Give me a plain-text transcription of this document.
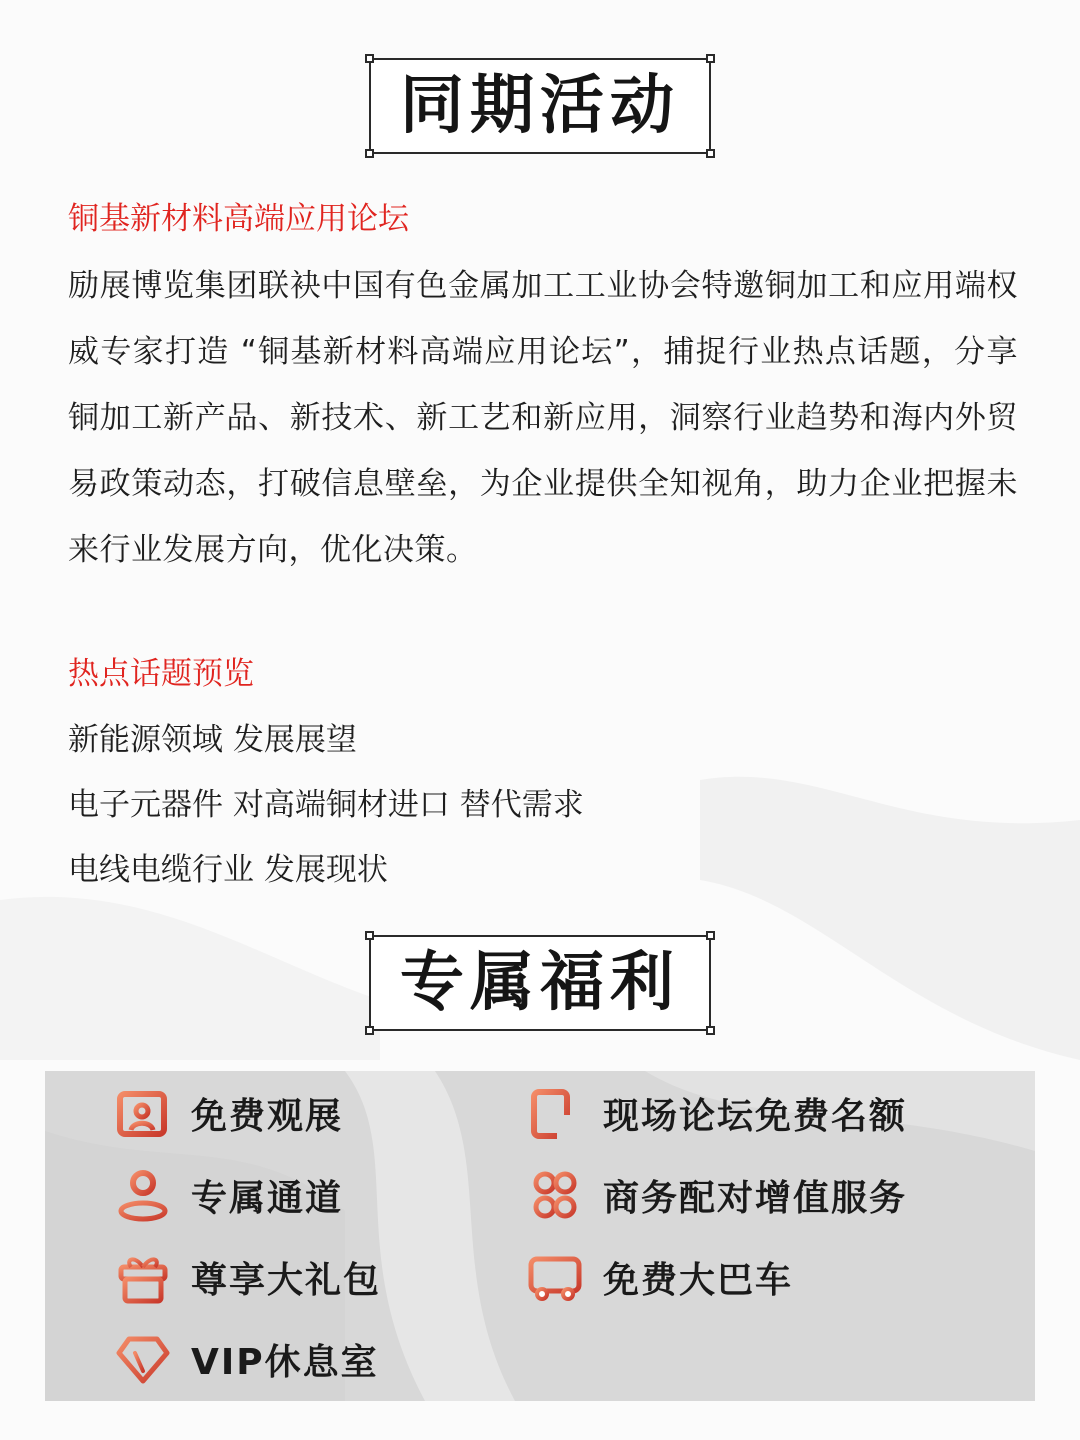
同期活动
铜基新材料高端应用论坛
励展博览集团联袂中国有色金属加工工业协会特邀铜加工和应用端权威专家打造 “铜基新材料高端应用论坛”，捕捉行业热点话题，分享铜加工新产品、新技术、新工艺和新应用，洞察行业趋势和海内外贸易政策动态，打破信息壁垒，为企业提供全知视角，助力企业把握未来行业发展方向，优化决策。
热点话题预览
新能源领域 发展展望
电子元器件 对高端铜材进口 替代需求
电线电缆行业 发展现状
专属福利
免费观展	现场论坛免费名额
专属通道	商务配对增值服务
尊享大礼包	免费大巴车
VIP休息室
